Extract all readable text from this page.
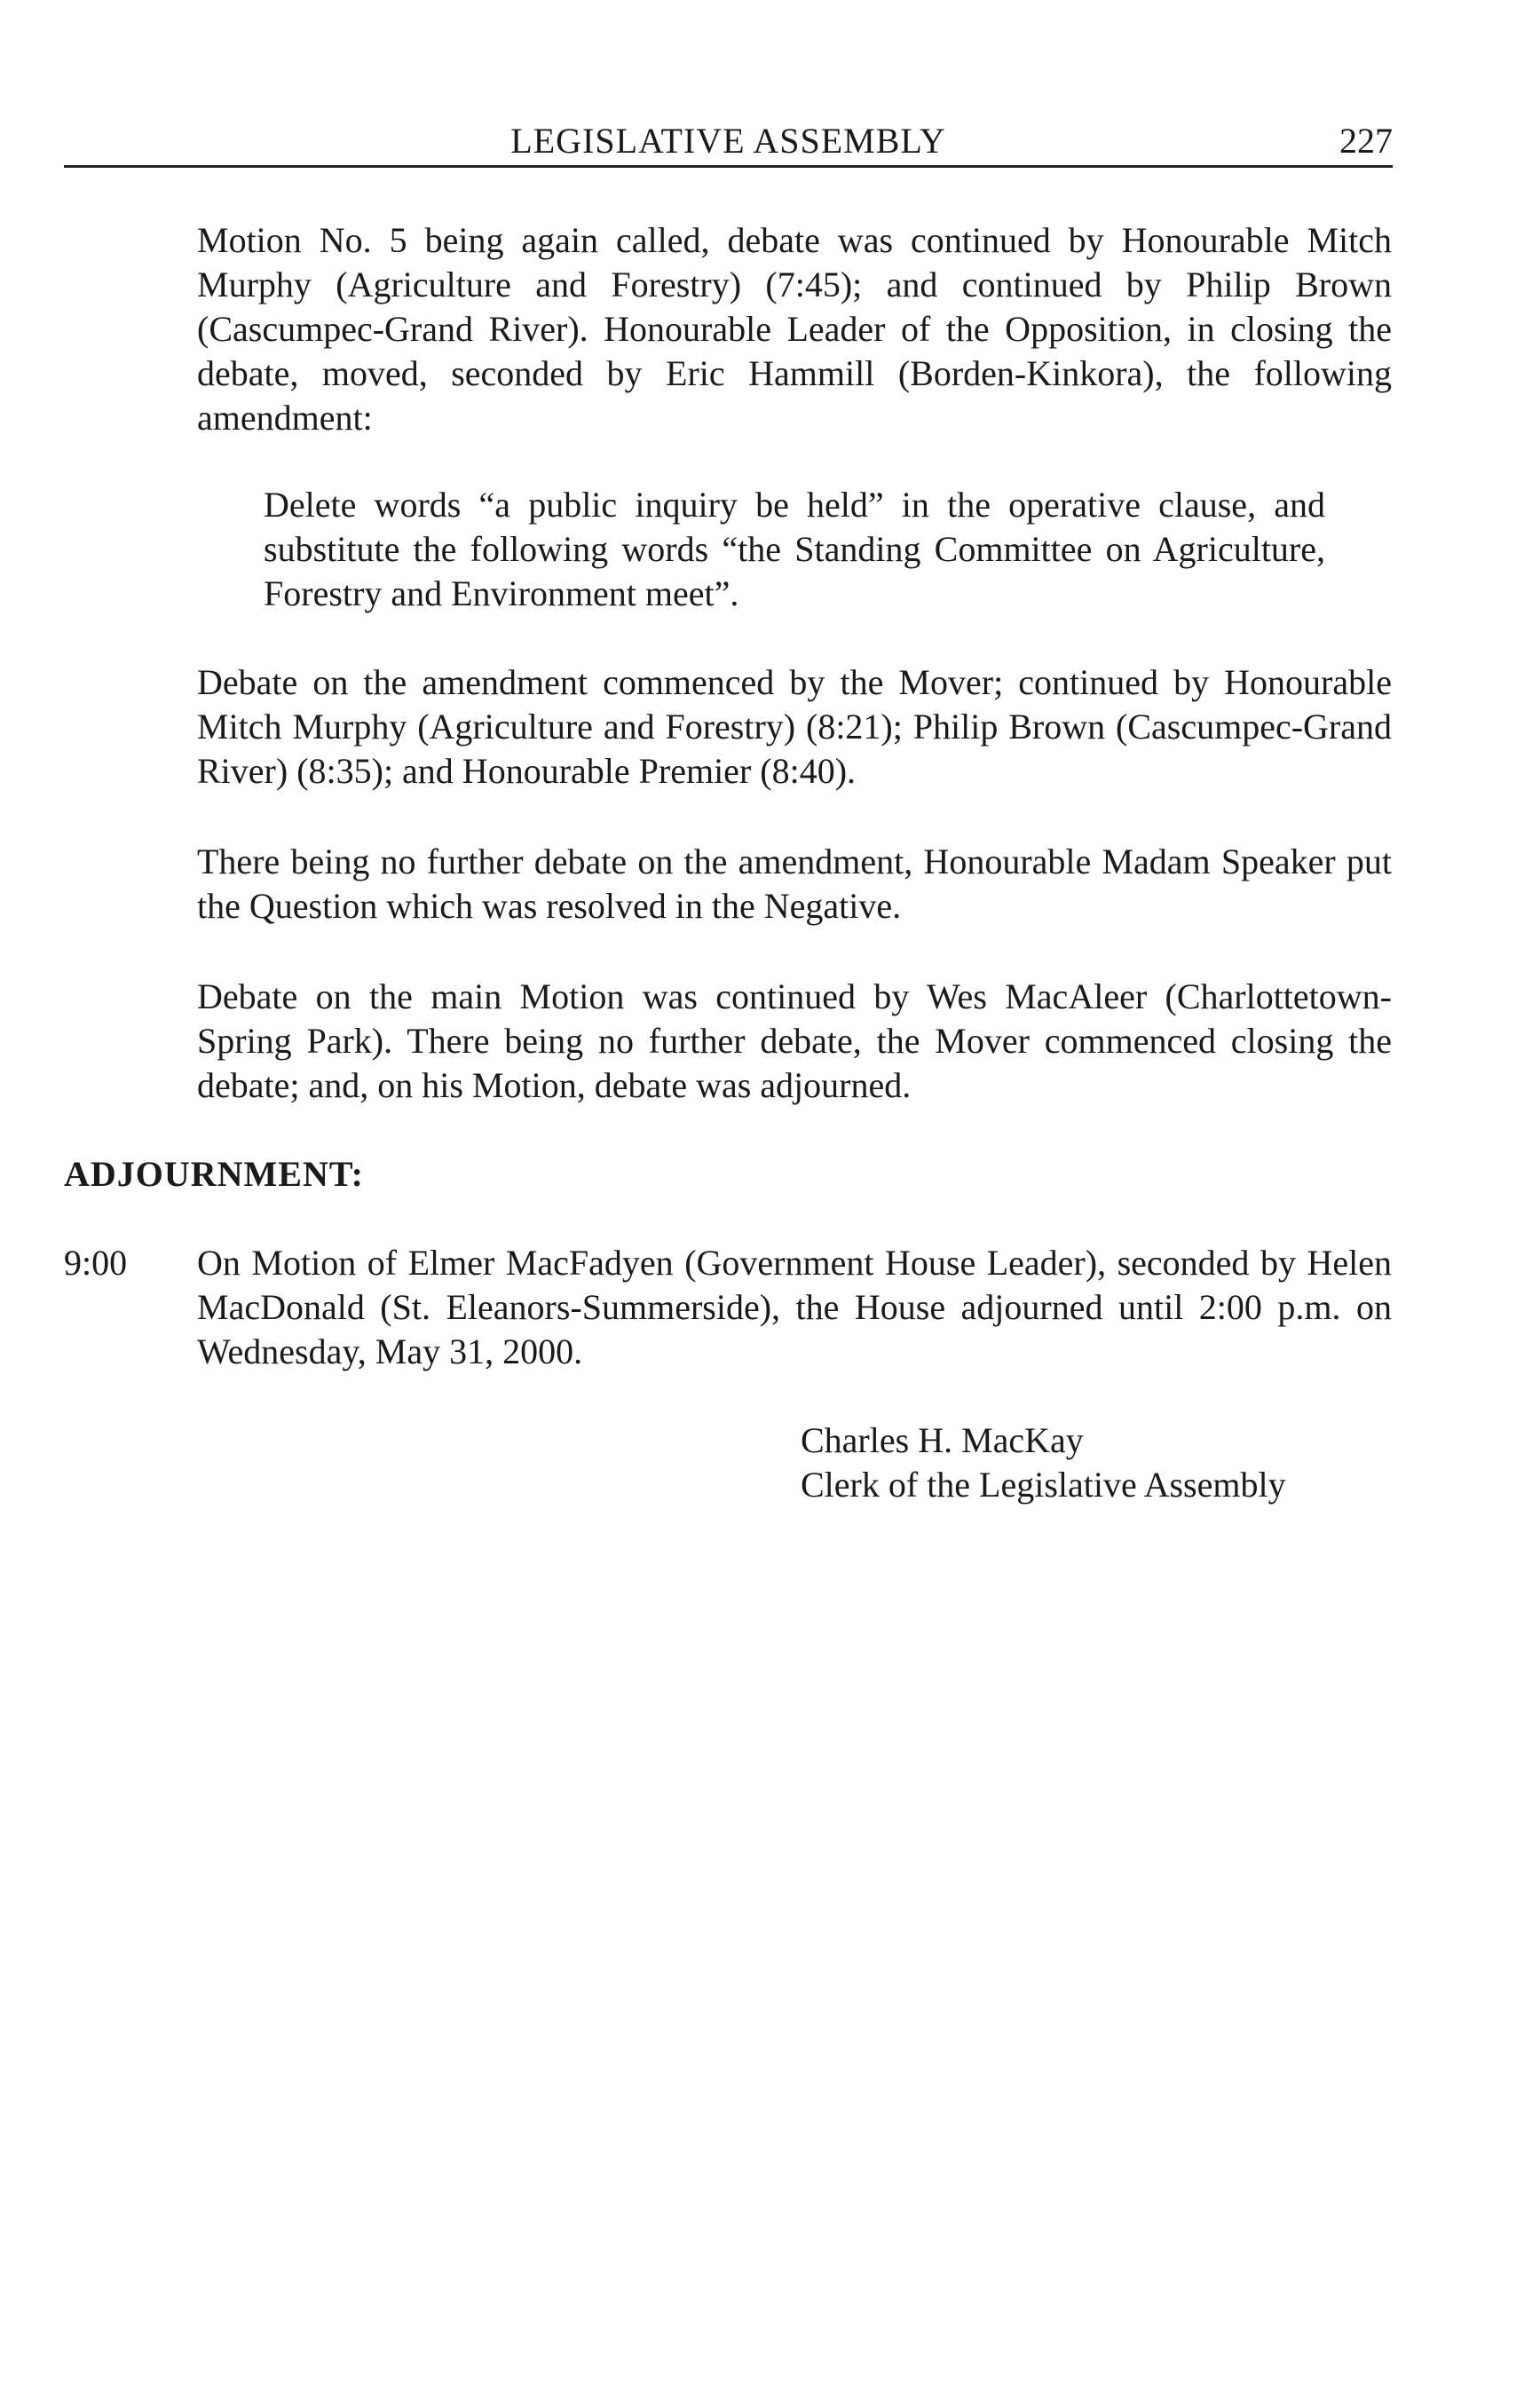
LEGISLATIVE ASSEMBLY	227

Motion No. 5 being again called, debate was continued by Honourable Mitch Murphy (Agriculture and Forestry) (7:45); and continued by Philip Brown (Cascumpec-Grand River). Honourable Leader of the Opposition, in closing the debate, moved, seconded by Eric Hammill (Borden-Kinkora), the following amendment:

Delete words “a public inquiry be held” in the operative clause, and substitute the following words “the Standing Committee on Agriculture, Forestry and Environment meet”.

Debate on the amendment commenced by the Mover; continued by Honourable Mitch Murphy (Agriculture and Forestry) (8:21); Philip Brown (Cascumpec-Grand River) (8:35); and Honourable Premier (8:40).

There being no further debate on the amendment, Honourable Madam Speaker put the Question which was resolved in the Negative.

Debate on the main Motion was continued by Wes MacAleer (Charlottetown-Spring Park). There being no further debate, the Mover commenced closing the debate; and, on his Motion, debate was adjourned.

ADJOURNMENT:
9:00 On Motion of Elmer MacFadyen (Government House Leader), seconded by Helen MacDonald (St. Eleanors-Summerside), the House adjourned until 2:00 p.m. on Wednesday, May 31, 2000.

Charles H. MacKay
Clerk of the Legislative Assembly
